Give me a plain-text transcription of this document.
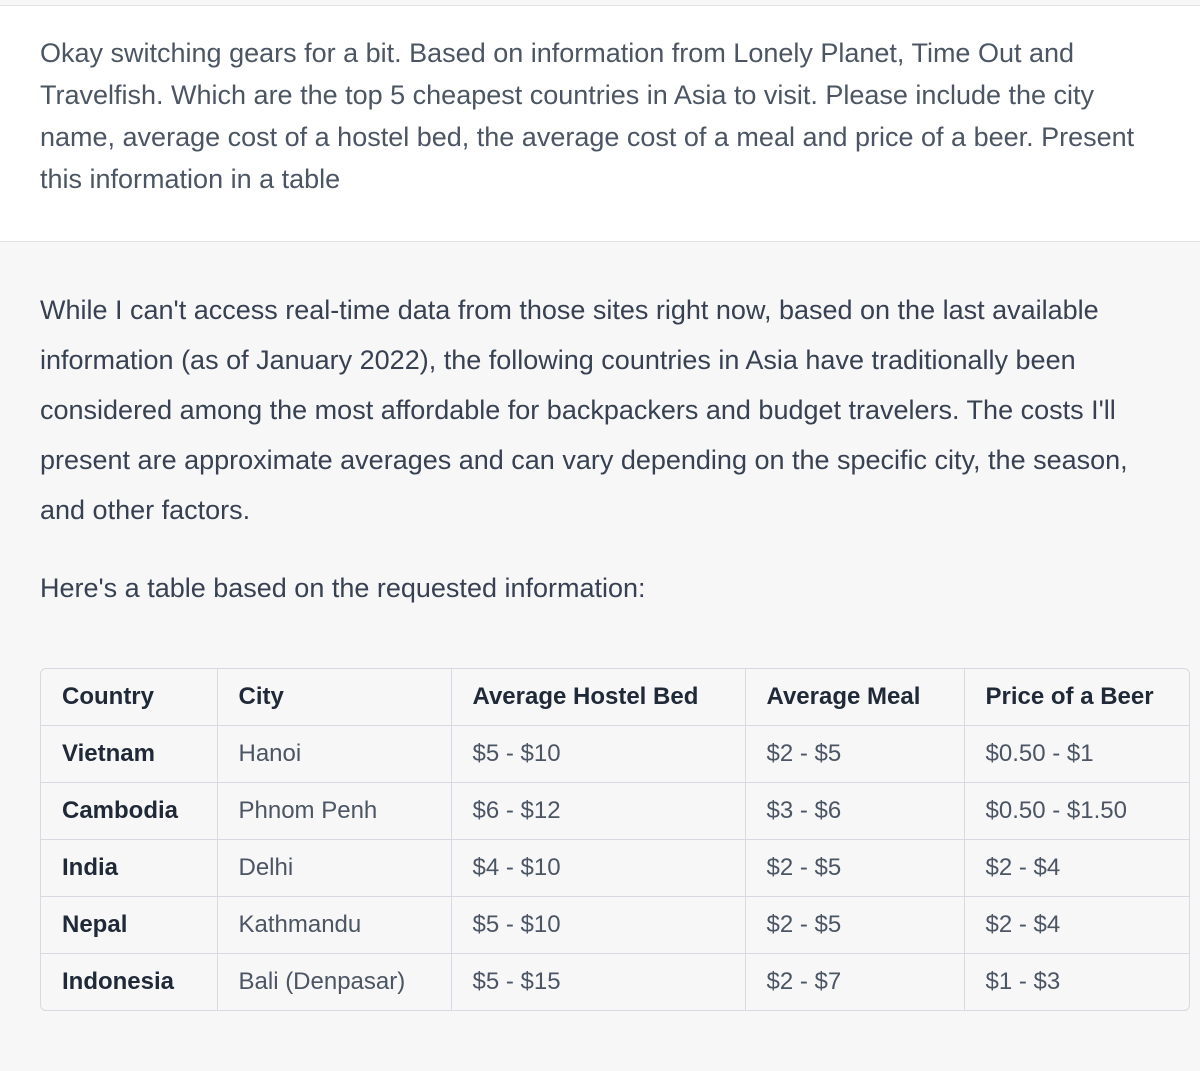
Okay switching gears for a bit. Based on information from Lonely Planet, Time Out and Travelfish. Which are the top 5 cheapest countries in Asia to visit. Please include the city name, average cost of a hostel bed, the average cost of a meal and price of a beer. Present this information in a table

While I can't access real-time data from those sites right now, based on the last available information (as of January 2022), the following countries in Asia have traditionally been considered among the most affordable for backpackers and budget travelers. The costs I'll present are approximate averages and can vary depending on the specific city, the season, and other factors.

Here's a table based on the requested information:

Country	City	Average Hostel Bed	Average Meal	Price of a Beer
Vietnam	Hanoi	$5 - $10	$2 - $5	$0.50 - $1
Cambodia	Phnom Penh	$6 - $12	$3 - $6	$0.50 - $1.50
India	Delhi	$4 - $10	$2 - $5	$2 - $4
Nepal	Kathmandu	$5 - $10	$2 - $5	$2 - $4
Indonesia	Bali (Denpasar)	$5 - $15	$2 - $7	$1 - $3
